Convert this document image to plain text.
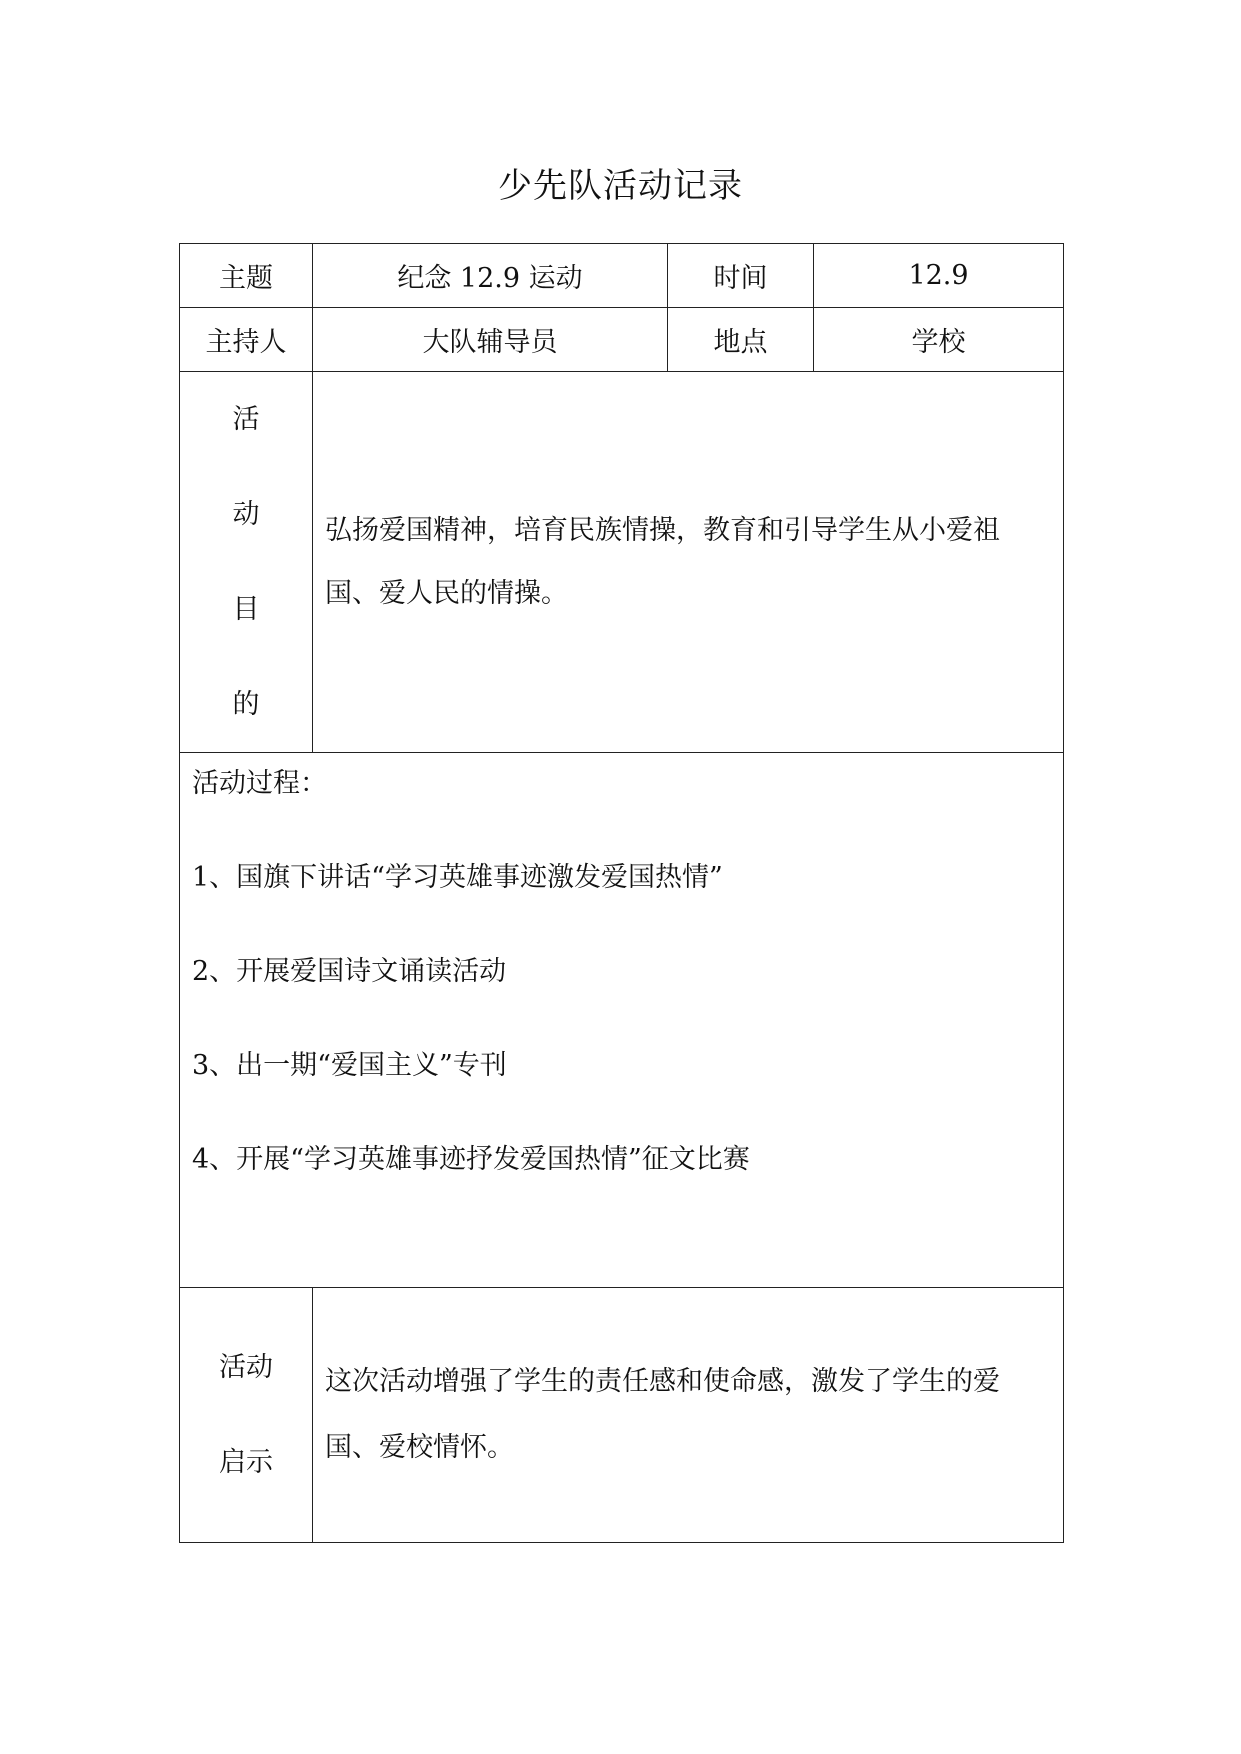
少先队活动记录
主题	纪念 12.9 运动	时间	12.9
主持人	大队辅导员	地点	学校

活
动
目
的	弘扬爱国精神，培育民族情操，教育和引导学生从小爱祖国、爱人民的情操。		

活动过程：

1、国旗下讲话“学习英雄事迹激发爱国热情”

2、开展爱国诗文诵读活动

3、出一期“爱国主义”专刊

4、开展“学习英雄事迹抒发爱国热情”征文比赛			

活动
启示	这次活动增强了学生的责任感和使命感，激发了学生的爱国、爱校情怀。		
